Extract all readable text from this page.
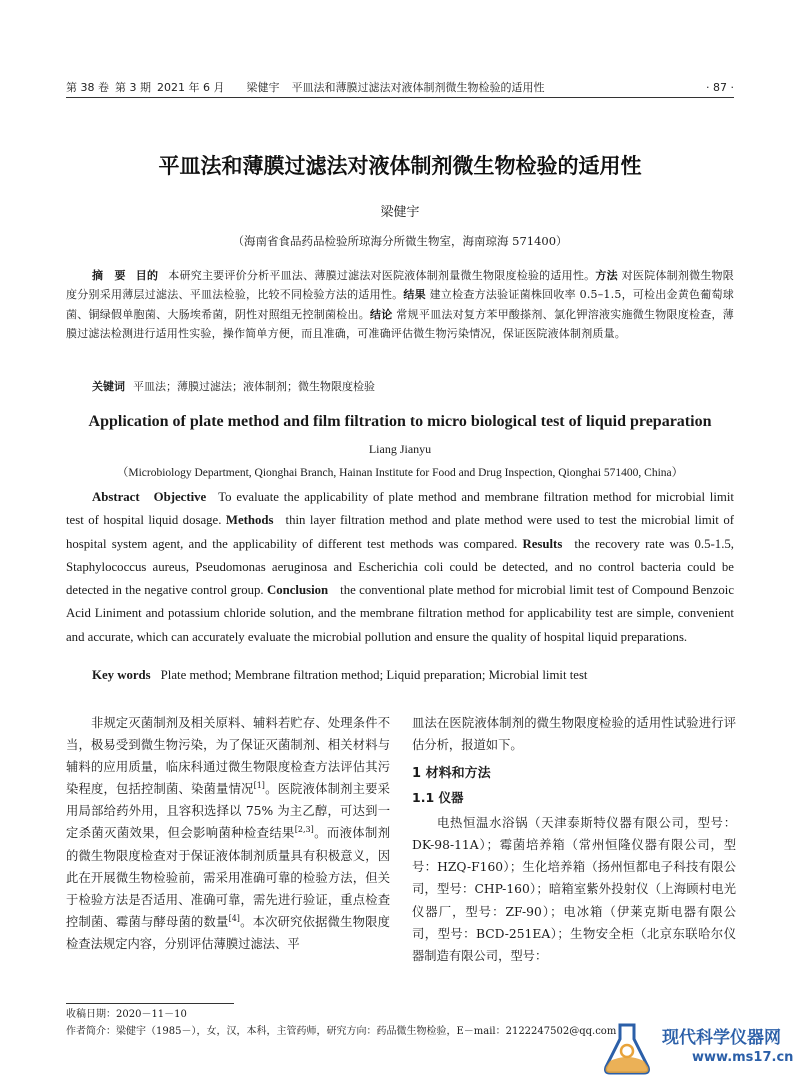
第 38 卷 第 3 期 2021 年 6 月 梁健宇 平皿法和薄膜过滤法对液体制剂微生物检验的适用性	· 87 ·
平皿法和薄膜过滤法对液体制剂微生物检验的适用性
梁健宇
（海南省食品药品检验所琼海分所微生物室，海南琼海 571400）
摘　要 目的 本研究主要评价分析平皿法、薄膜过滤法对医院液体制剂量微生物限度检验的适用性。方法 对医院体制剂微生物限度分别采用薄层过滤法、平皿法检验，比较不同检验方法的适用性。结果 建立检查方法验证菌株回收率 0.5–1.5，可检出金黄色葡萄球菌、铜绿假单胞菌、大肠埃希菌，阴性对照组无控制菌检出。结论 常规平皿法对复方苯甲酸搽剂、氯化钾溶液实施微生物限度检查，薄膜过滤法检测进行适用性实验，操作简单方便，而且准确，可准确评估微生物污染情况，保证医院液体制剂质量。
关键词 平皿法；薄膜过滤法；液体制剂；微生物限度检验
Application of plate method and film filtration to micro biological test of liquid preparation
Liang Jianyu
（Microbiology Department, Qionghai Branch, Hainan Institute for Food and Drug Inspection, Qionghai 571400, China）
Abstract Objective To evaluate the applicability of plate method and membrane filtration method for microbial limit test of hospital liquid dosage. Methods thin layer filtration method and plate method were used to test the microbial limit of hospital system agent, and the applicability of different test methods was compared. Results the recovery rate was 0.5-1.5, Staphylococcus aureus, Pseudomonas aeruginosa and Escherichia coli could be detected, and no control bacteria could be detected in the negative control group. Conclusion the conventional plate method for microbial limit test of Compound Benzoic Acid Liniment and potassium chloride solution, and the membrane filtration method for applicability test are simple, convenient and accurate, which can accurately evaluate the microbial pollution and ensure the quality of hospital liquid preparations.
Key words Plate method; Membrane filtration method; Liquid preparation; Microbial limit test

非规定灭菌制剂及相关原料、辅料若贮存、处理条件不当，极易受到微生物污染，为了保证灭菌制剂、相关材料与辅料的应用质量，临床科通过微生物限度检查方法评估其污染程度，包括控制菌、染菌量情况[1]。医院液体制剂主要采用局部给药外用，且容积选择以 75% 为主乙醇，可达到一定杀菌灭菌效果，但会影响菌种检查结果[2,3]。而液体制剂的微生物限度检查对于保证液体制剂质量具有积极意义，因此在开展微生物检验前，需采用准确可靠的检验方法，但关于检验方法是否适用、准确可靠，需先进行验证，重点检查控制菌、霉菌与酵母菌的数量[4]。本次研究依据微生物限度检查法规定内容，分别评估薄膜过滤法、平

皿法在医院液体制剂的微生物限度检验的适用性试验进行评估分析，报道如下。

1 材料和方法
1.1 仪器

电热恒温水浴锅（天津泰斯特仪器有限公司，型号：DK-98-11A）；霉菌培养箱（常州恒隆仪器有限公司，型号：HZQ-F160）；生化培养箱（扬州恒都电子科技有限公司，型号：CHP-160）；暗箱室紫外投射仪（上海顾村电光仪器厂，型号：ZF-90）；电冰箱（伊莱克斯电器有限公司，型号：BCD-251EA）；生物安全柜（北京东联哈尔仪器制造有限公司，型号：

收稿日期：2020－11－10
作者简介：梁健宇（1985－），女，汉，本科，主管药师，研究方向：药品微生物检验，E－mail：2122247502@qq.com	现代科学仪器网
www.ms17.cn
